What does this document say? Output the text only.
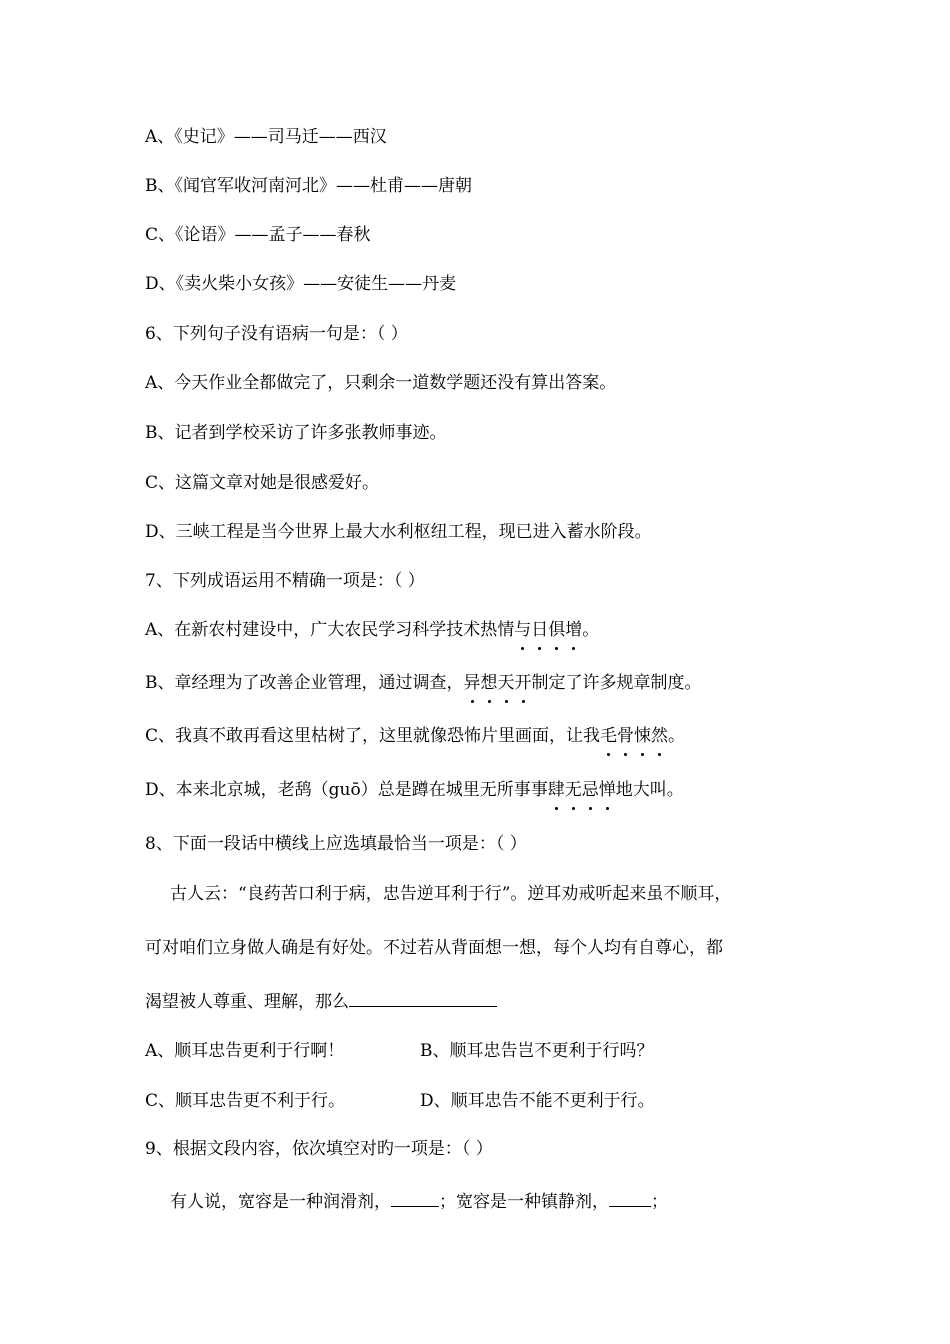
A、《史记》——司马迁——西汉
B、《闻官军收河南河北》——杜甫——唐朝
C、《论语》——孟子——春秋
D、《卖火柴小女孩》——安徒生——丹麦
6、下列句子没有语病一句是：（ ）
A、今天作业全都做完了，只剩余一道数学题还没有算出答案。
B、记者到学校采访了许多张教师事迹。
C、这篇文章对她是很感爱好。
D、三峡工程是当今世界上最大水利枢纽工程，现已进入蓄水阶段。
7、下列成语运用不精确一项是：（ ）
A、在新农村建设中，广大农民学习科学技术热情与日俱增。
B、章经理为了改善企业管理，通过调查，异想天开制定了许多规章制度。
C、我真不敢再看这里枯树了，这里就像恐怖片里画面，让我毛骨悚然。
D、本来北京城，老鸹（guō）总是蹲在城里无所事事肆无忌惮地大叫。
8、下面一段话中横线上应选填最恰当一项是：（ ）
古人云：“良药苦口利于病，忠告逆耳利于行”。逆耳劝戒听起来虽不顺耳，
可对咱们立身做人确是有好处。不过若从背面想一想，每个人均有自尊心，都
渴望被人尊重、理解，那么
A、顺耳忠告更利于行啊！	B、顺耳忠告岂不更利于行吗？
C、顺耳忠告更不利于行。	D、顺耳忠告不能不更利于行。
9、根据文段内容，依次填空对旳一项是：（ ）
有人说，宽容是一种润滑剂，	；宽容是一种镇静剂， ；
